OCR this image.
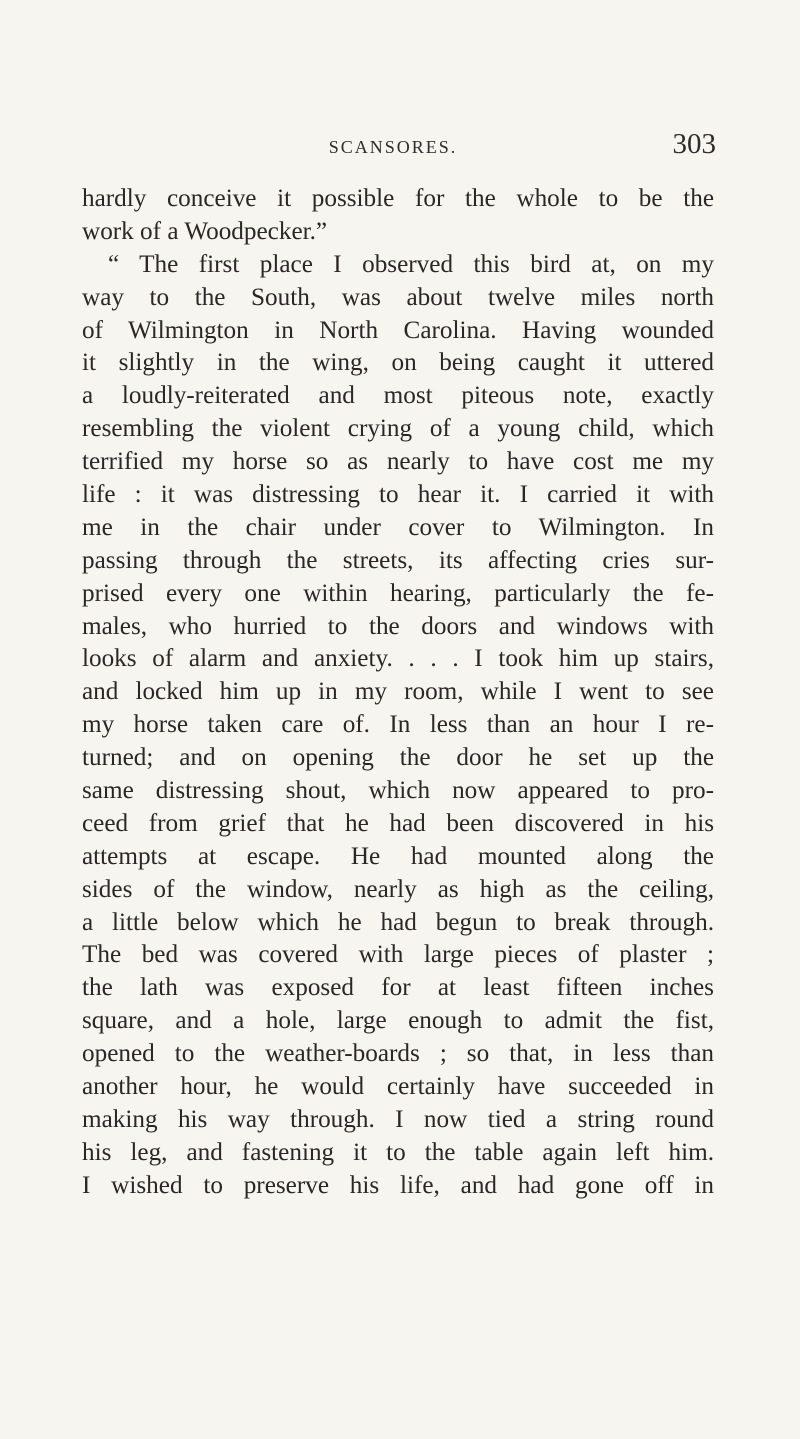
SCANSORES.	303
hardly conceive it possible for the whole to be the
work of a Woodpecker.”
“ The first place I observed this bird at, on my
way to the South, was about twelve miles north
of Wilmington in North Carolina. Having wounded
it slightly in the wing, on being caught it uttered
a loudly-reiterated and most piteous note, exactly
resembling the violent crying of a young child, which
terrified my horse so as nearly to have cost me my
life : it was distressing to hear it. I carried it with
me in the chair under cover to Wilmington. In
passing through the streets, its affecting cries sur-
prised every one within hearing, particularly the fe-
males, who hurried to the doors and windows with
looks of alarm and anxiety. . . . I took him up stairs,
and locked him up in my room, while I went to see
my horse taken care of. In less than an hour I re-
turned; and on opening the door he set up the
same distressing shout, which now appeared to pro-
ceed from grief that he had been discovered in his
attempts at escape. He had mounted along the
sides of the window, nearly as high as the ceiling,
a little below which he had begun to break through.
The bed was covered with large pieces of plaster ;
the lath was exposed for at least fifteen inches
square, and a hole, large enough to admit the fist,
opened to the weather-boards ; so that, in less than
another hour, he would certainly have succeeded in
making his way through. I now tied a string round
his leg, and fastening it to the table again left him.
I wished to preserve his life, and had gone off in
